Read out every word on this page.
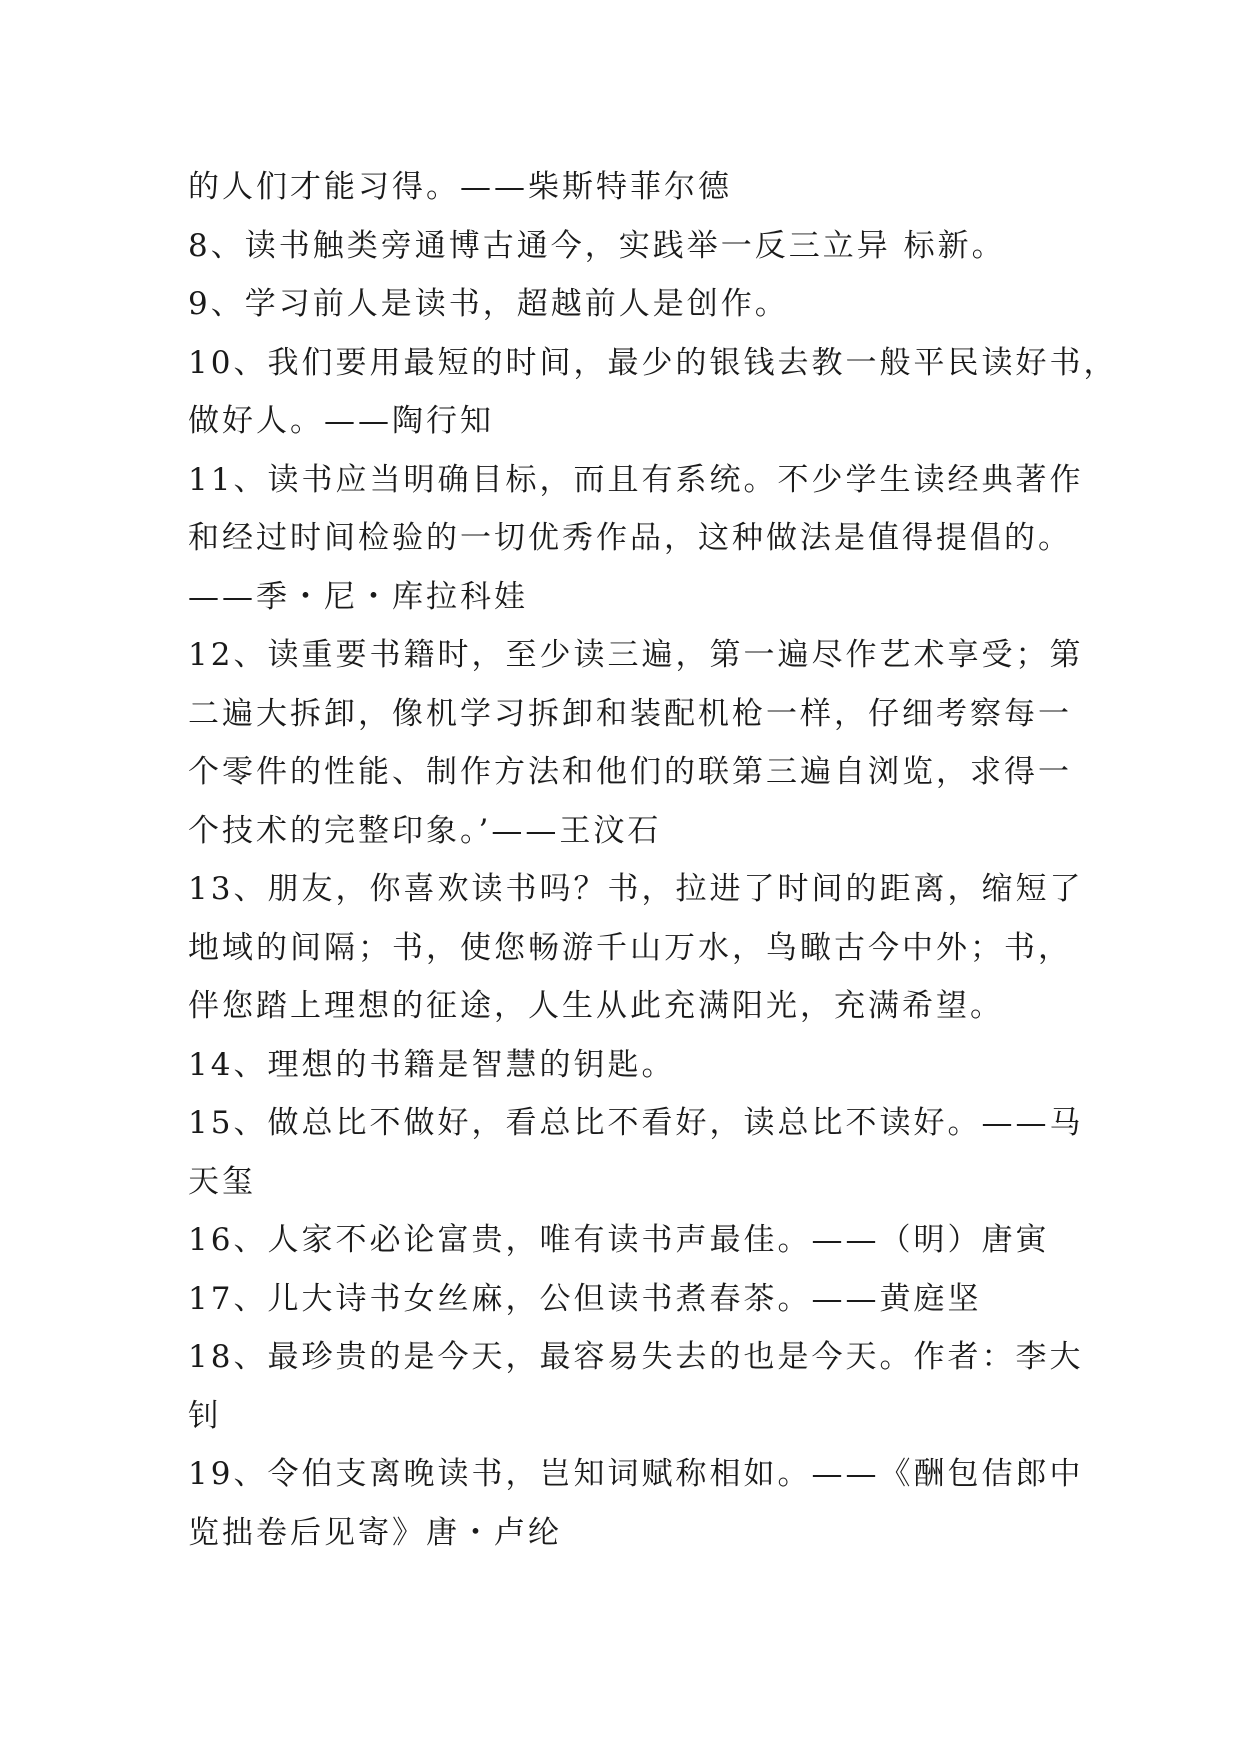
的人们才能习得。——柴斯特菲尔德
8、读书触类旁通博古通今，实践举一反三立异 标新。
9、学习前人是读书，超越前人是创作。
10、我们要用最短的时间，最少的银钱去教一般平民读好书，
做好人。——陶行知
11、读书应当明确目标，而且有系统。不少学生读经典著作
和经过时间检验的一切优秀作品，这种做法是值得提倡的。
——季・尼・库拉科娃
12、读重要书籍时，至少读三遍，第一遍尽作艺术享受；第
二遍大拆卸，像机学习拆卸和装配机枪一样，仔细考察每一
个零件的性能、制作方法和他们的联第三遍自浏览，求得一
个技术的完整印象。’——王汶石
13、朋友，你喜欢读书吗？书，拉进了时间的距离，缩短了
地域的间隔；书，使您畅游千山万水，鸟瞰古今中外；书，
伴您踏上理想的征途，人生从此充满阳光，充满希望。
14、理想的书籍是智慧的钥匙。
15、做总比不做好，看总比不看好，读总比不读好。——马
天玺
16、人家不必论富贵，唯有读书声最佳。——（明）唐寅
17、儿大诗书女丝麻，公但读书煮春茶。——黄庭坚
18、最珍贵的是今天，最容易失去的也是今天。作者：李大
钊
19、令伯支离晚读书，岂知词赋称相如。——《酬包佶郎中
览拙卷后见寄》唐・卢纶
